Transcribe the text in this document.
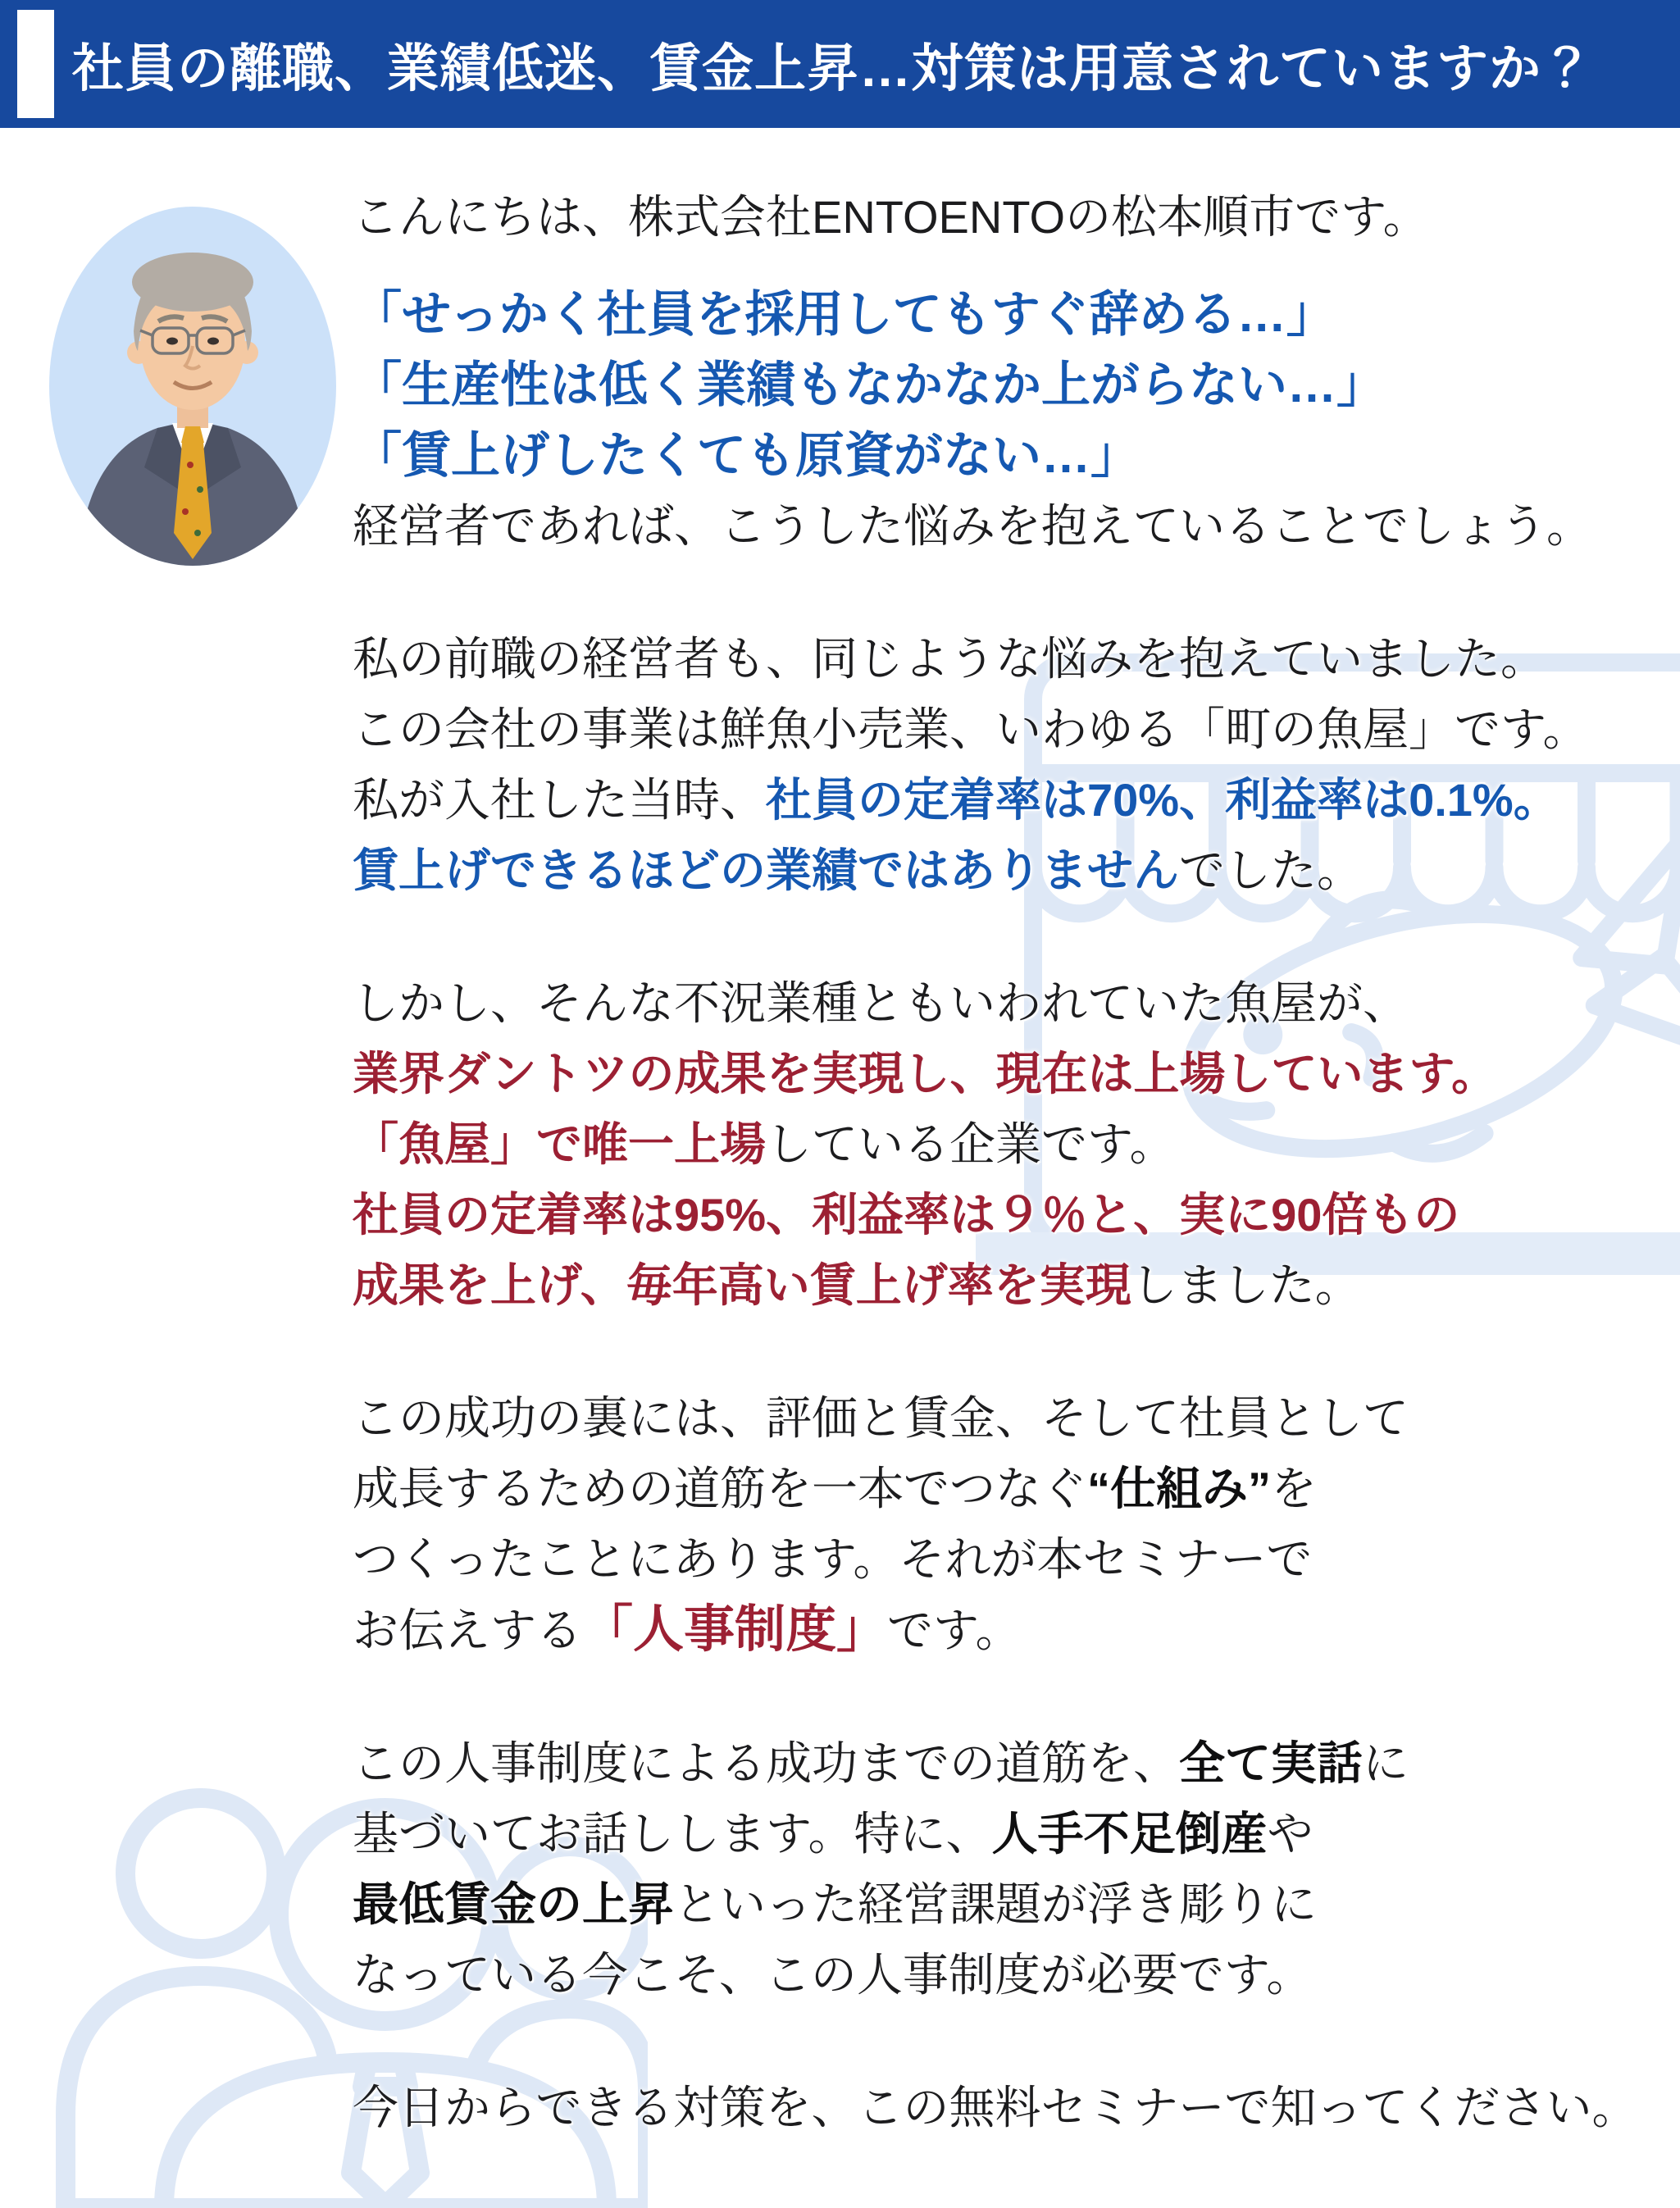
社員の離職、業績低迷、賃金上昇…対策は用意されていますか？
こんにちは、株式会社ENTOENTOの松本順市です。
「せっかく社員を採用してもすぐ辞める…」
「生産性は低く業績もなかなか上がらない…」
「賃上げしたくても原資がない…」
経営者であれば、こうした悩みを抱えていることでしょう。
私の前職の経営者も、同じような悩みを抱えていました。
この会社の事業は鮮魚小売業、いわゆる「町の魚屋」です。
私が入社した当時、社員の定着率は70%、利益率は0.1%。
賃上げできるほどの業績ではありませんでした。
しかし、そんな不況業種ともいわれていた魚屋が、
業界ダントツの成果を実現し、現在は上場しています。
「魚屋」で唯一上場している企業です。
社員の定着率は95%、利益率は９％と、実に90倍もの
成果を上げ、毎年高い賃上げ率を実現しました。
この成功の裏には、評価と賃金、そして社員として
成長するための道筋を一本でつなぐ“仕組み”を
つくったことにあります。それが本セミナーで
お伝えする「人事制度」です。
この人事制度による成功までの道筋を、全て実話に
基づいてお話しします。特に、人手不足倒産や
最低賃金の上昇といった経営課題が浮き彫りに
なっている今こそ、この人事制度が必要です。
今日からできる対策を、この無料セミナーで知ってください。
